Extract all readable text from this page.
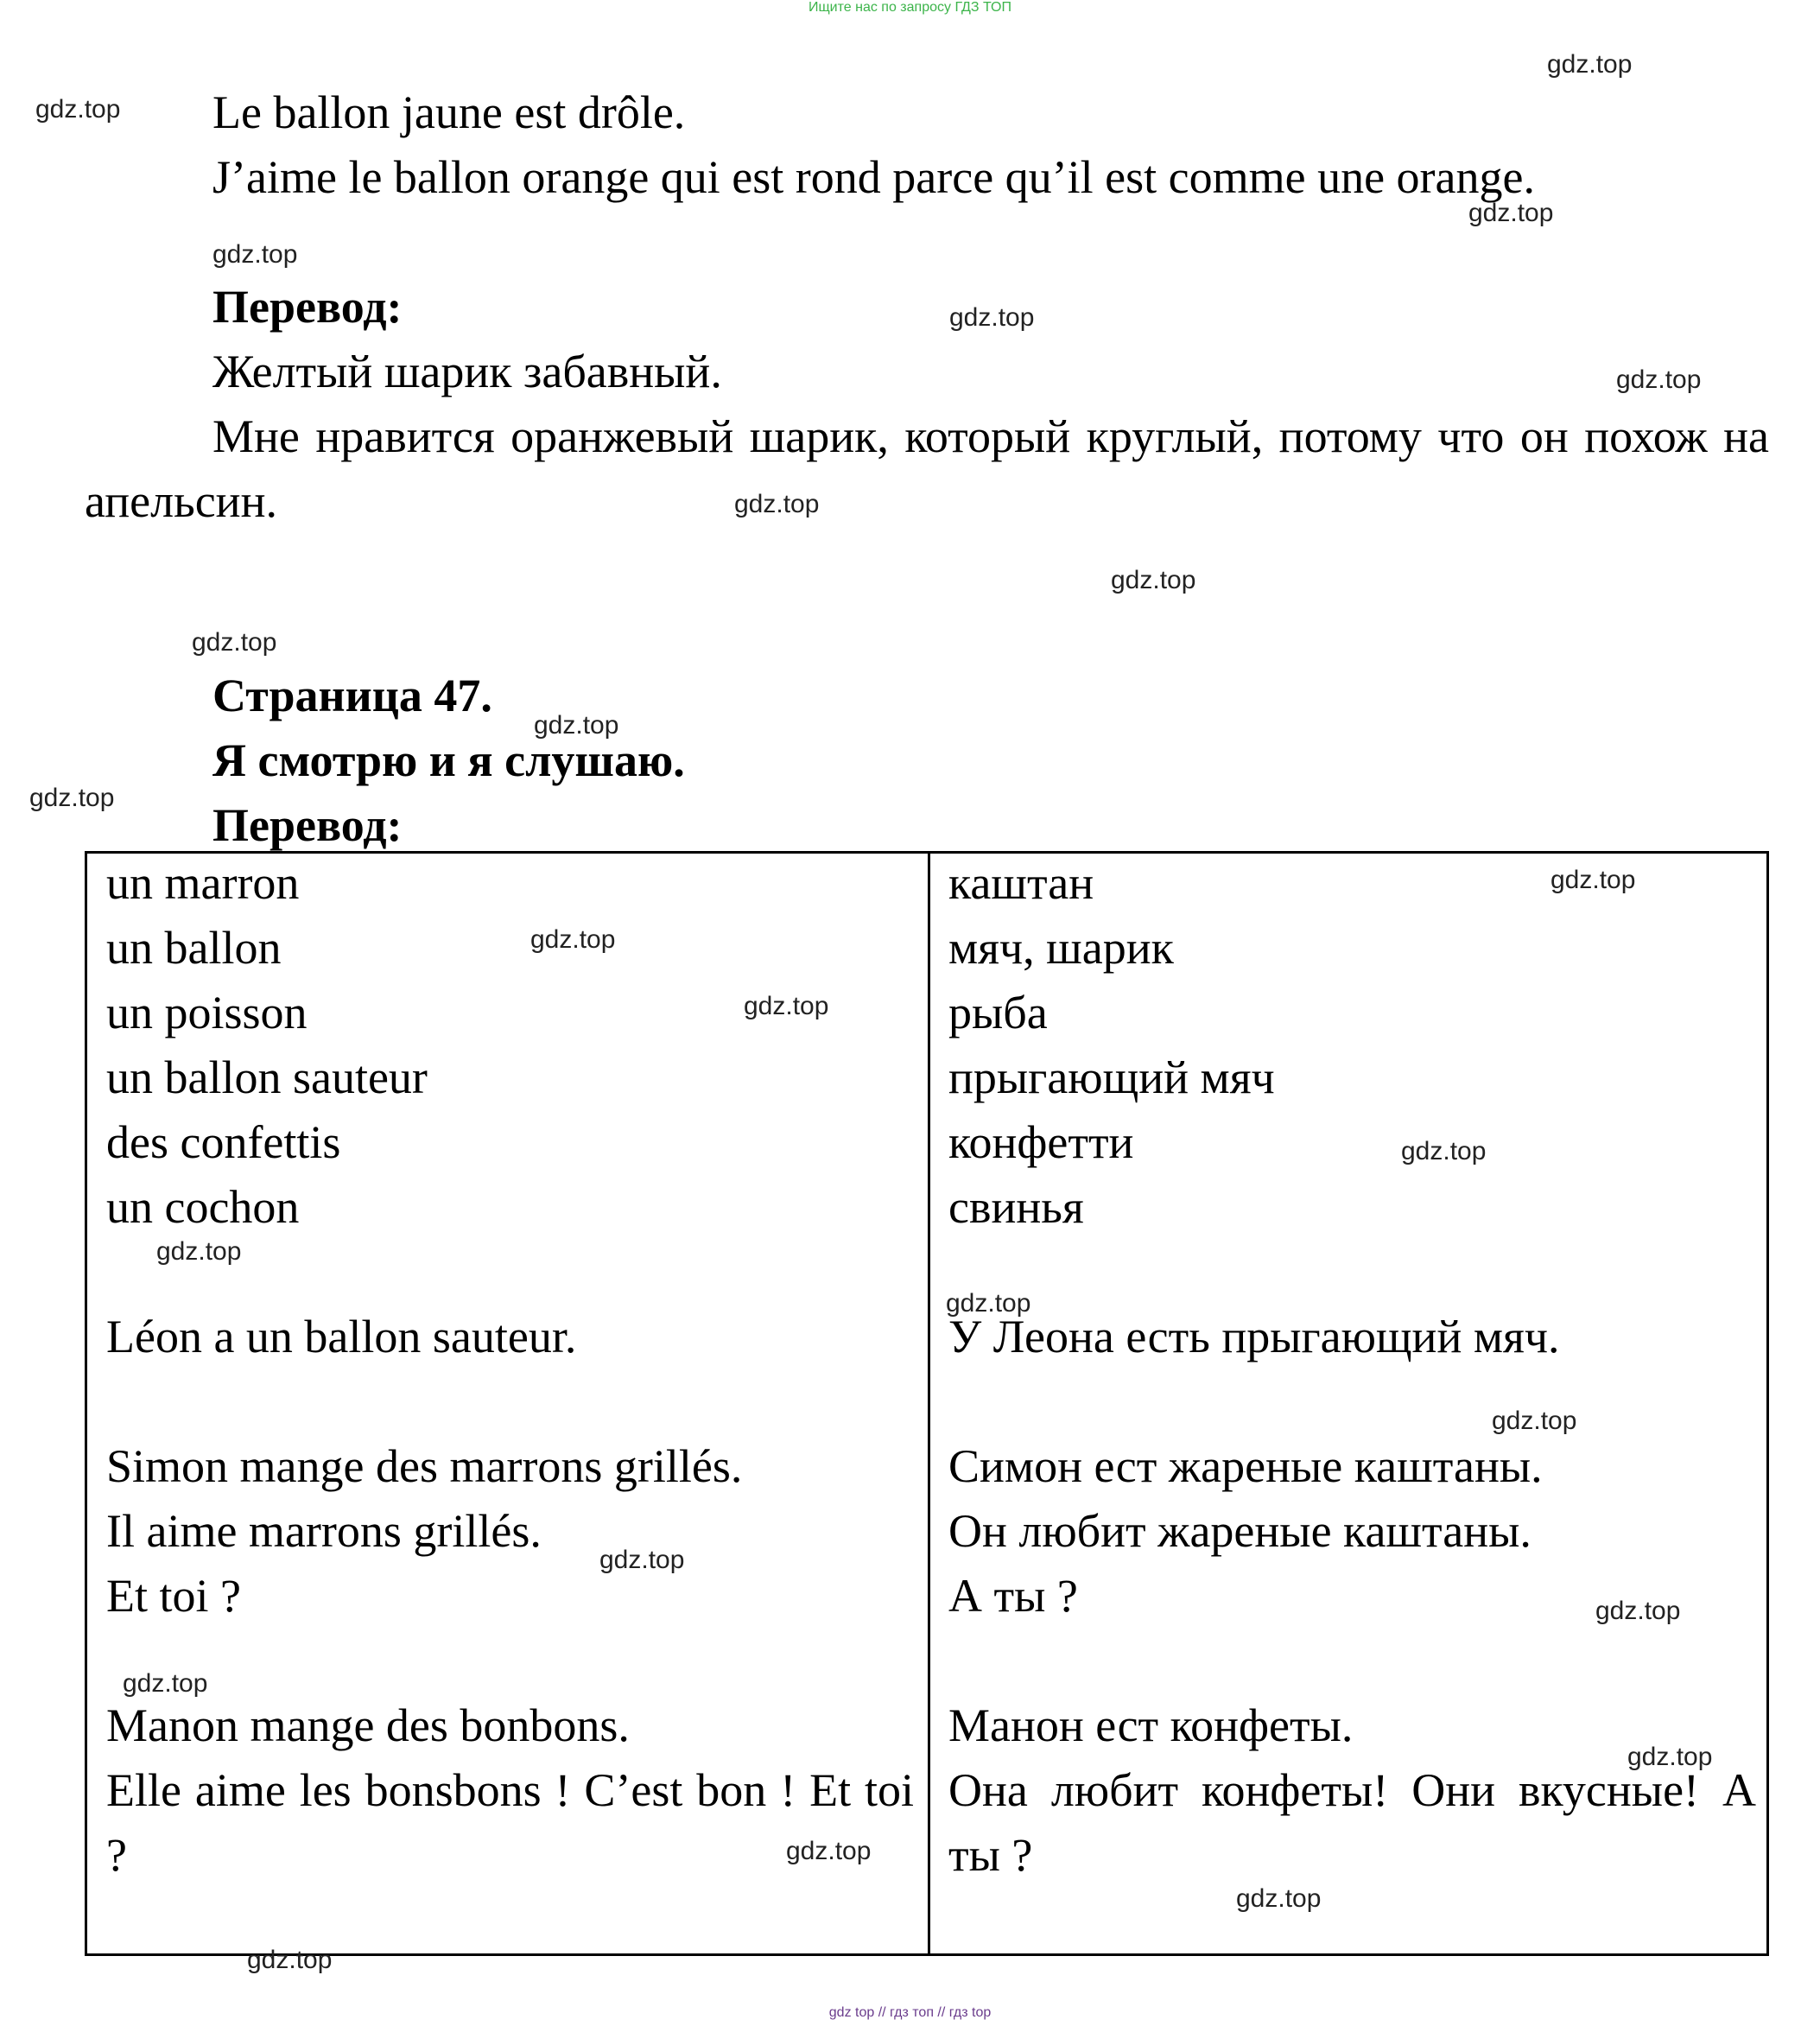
Ищите нас по запросу ГДЗ ТОП
gdz top // гдз топ // гдз top
Le ballon jaune est drôle.
J’aime le ballon orange qui est rond parce qu’il est comme une orange.
Перевод:
Желтый шарик забавный.
Мне нравится оранжевый шарик, который круглый, потому что он похож на апельсин.
Страница 47.
Я смотрю и я слушаю.
Перевод:
un marron
un ballon
un poisson
un ballon sauteur
des confettis
un cochon
каштан
мяч, шарик
рыба
прыгающий мяч
конфетти
свинья
Léon a un ballon sauteur.	У Леона есть прыгающий мяч.
Simon mange des marrons grillés.
Il aime marrons grillés.
Et toi ?
Симон ест жареные каштаны.
Он любит жареные каштаны.
А ты ?
Manon mange des bonbons.
Elle aime les bonsbons ! C’est bon ! Et toi ?
Манон ест конфеты.
Она любит конфеты! Они вкусные! А ты ?
gdz.top
gdz.top
gdz.top
gdz.top
gdz.top
gdz.top
gdz.top
gdz.top
gdz.top
gdz.top
gdz.top
gdz.top
gdz.top
gdz.top
gdz.top
gdz.top
gdz.top
gdz.top
gdz.top
gdz.top
gdz.top
gdz.top
gdz.top
gdz.top
gdz.top
